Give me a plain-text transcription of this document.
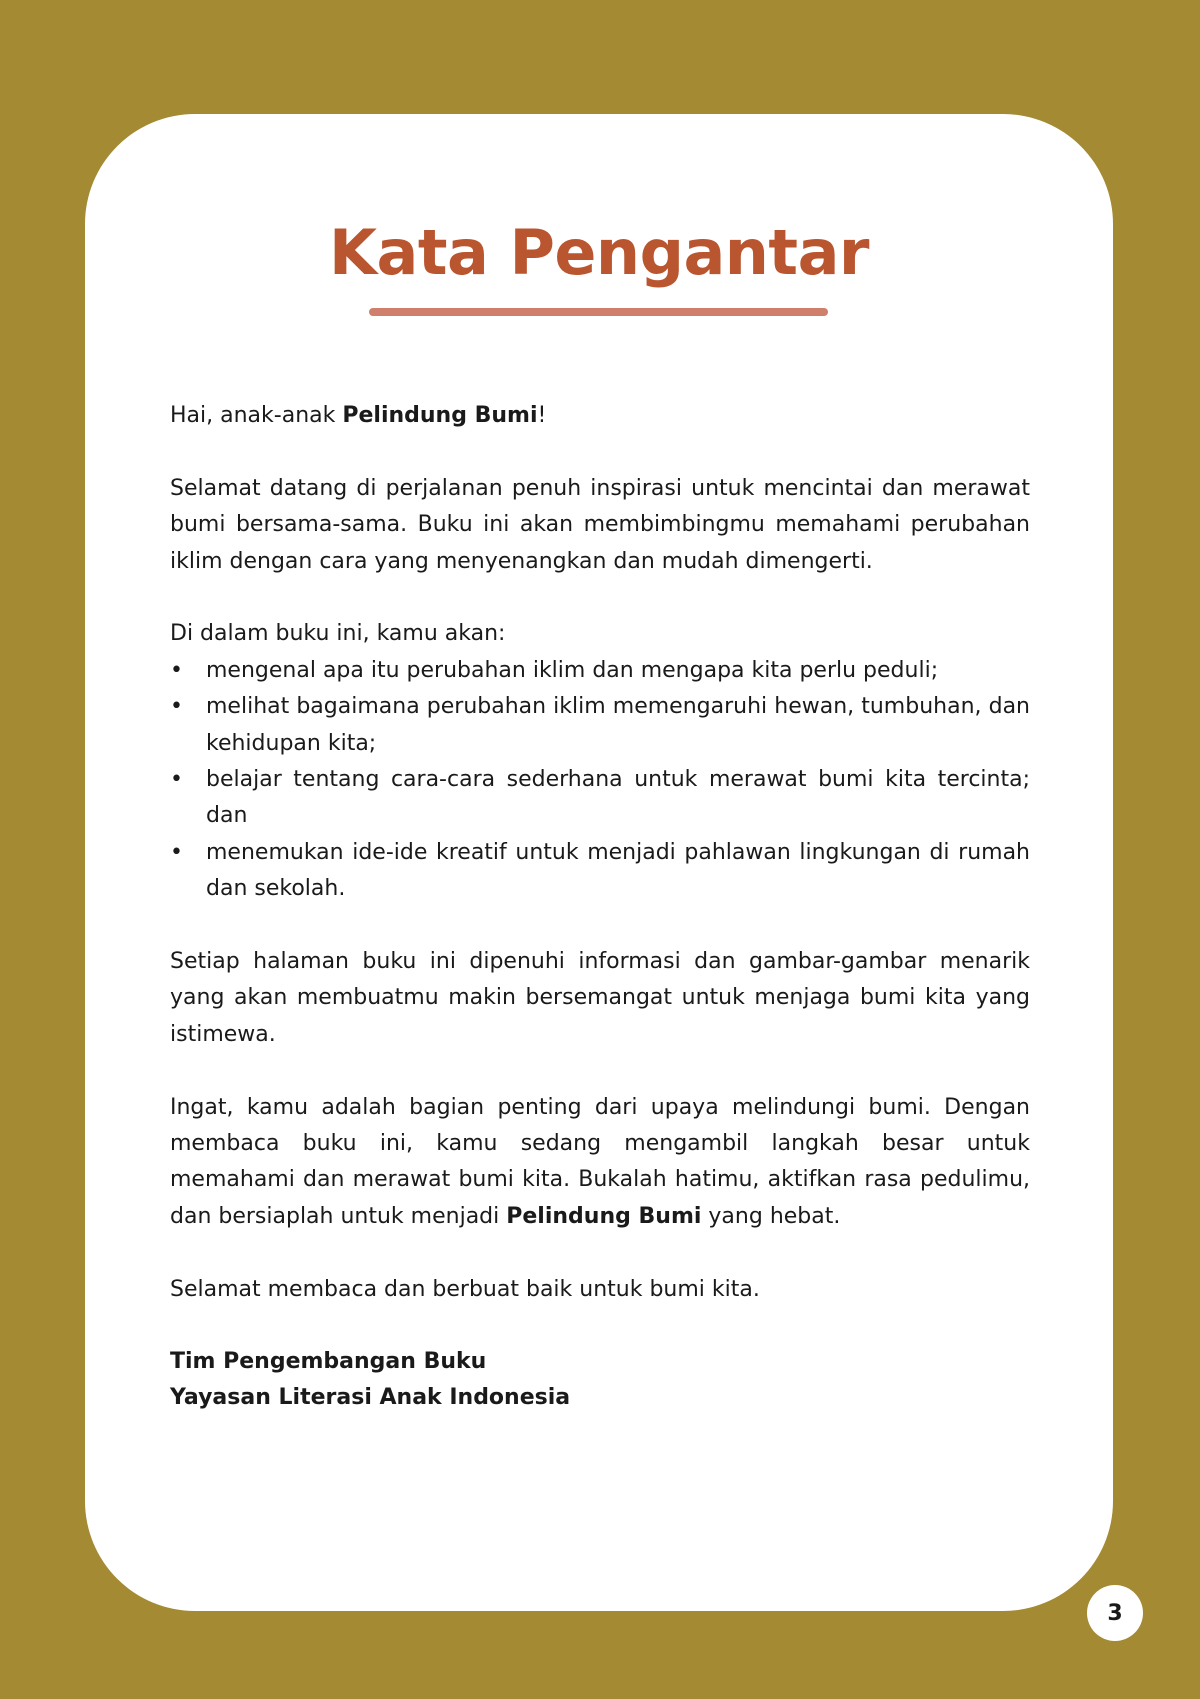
Kata Pengantar

Hai, anak-anak Pelindung Bumi!

Selamat datang di perjalanan penuh inspirasi untuk mencintai dan merawat bumi bersama-sama. Buku ini akan membimbingmu memahami perubahan iklim dengan cara yang menyenangkan dan mudah dimengerti.

Di dalam buku ini, kamu akan:

• mengenal apa itu perubahan iklim dan mengapa kita perlu peduli;
• melihat bagaimana perubahan iklim memengaruhi hewan, tumbuhan, dan kehidupan kita;
• belajar tentang cara-cara sederhana untuk merawat bumi kita tercinta; dan
• menemukan ide-ide kreatif untuk menjadi pahlawan lingkungan di rumah dan sekolah.

Setiap halaman buku ini dipenuhi informasi dan gambar-gambar menarik yang akan membuatmu makin bersemangat untuk menjaga bumi kita yang istimewa.

Ingat, kamu adalah bagian penting dari upaya melindungi bumi. Dengan membaca buku ini, kamu sedang mengambil langkah besar untuk memahami dan merawat bumi kita. Bukalah hatimu, aktifkan rasa pedulimu, dan bersiaplah untuk menjadi Pelindung Bumi yang hebat.

Selamat membaca dan berbuat baik untuk bumi kita.

Tim Pengembangan Buku
Yayasan Literasi Anak Indonesia
3
